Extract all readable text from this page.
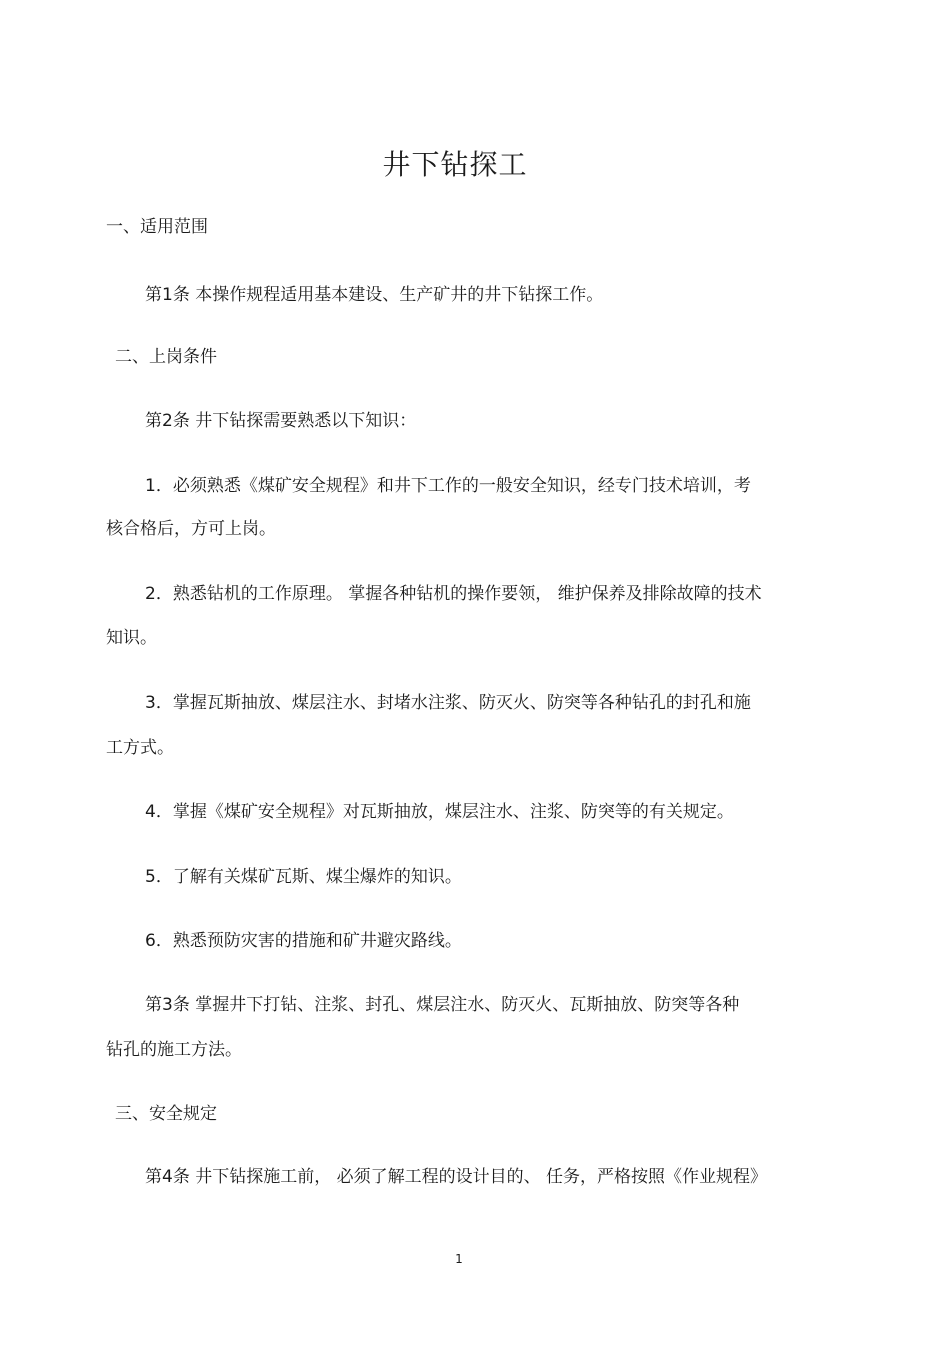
井下钻探工
一、适用范围
第1条 本操作规程适用基本建设、生产矿井的井下钻探工作。
二、上岗条件
第2条 井下钻探需要熟悉以下知识：
1．必须熟悉《煤矿安全规程》和井下工作的一般安全知识，经专门技术培训，考
核合格后，方可上岗。
2．熟悉钻机的工作原理。 掌握各种钻机的操作要领， 维护保养及排除故障的技术
知识。
3．掌握瓦斯抽放、煤层注水、封堵水注浆、防灭火、防突等各种钻孔的封孔和施
工方式。
4．掌握《煤矿安全规程》对瓦斯抽放，煤层注水、注浆、防突等的有关规定。
5．了解有关煤矿瓦斯、煤尘爆炸的知识。
6．熟悉预防灾害的措施和矿井避灾路线。
第3条 掌握井下打钻、注浆、封孔、煤层注水、防灭火、瓦斯抽放、防突等各种
钻孔的施工方法。
三、安全规定
第4条 井下钻探施工前， 必须了解工程的设计目的、 任务，严格按照《作业规程》
1
